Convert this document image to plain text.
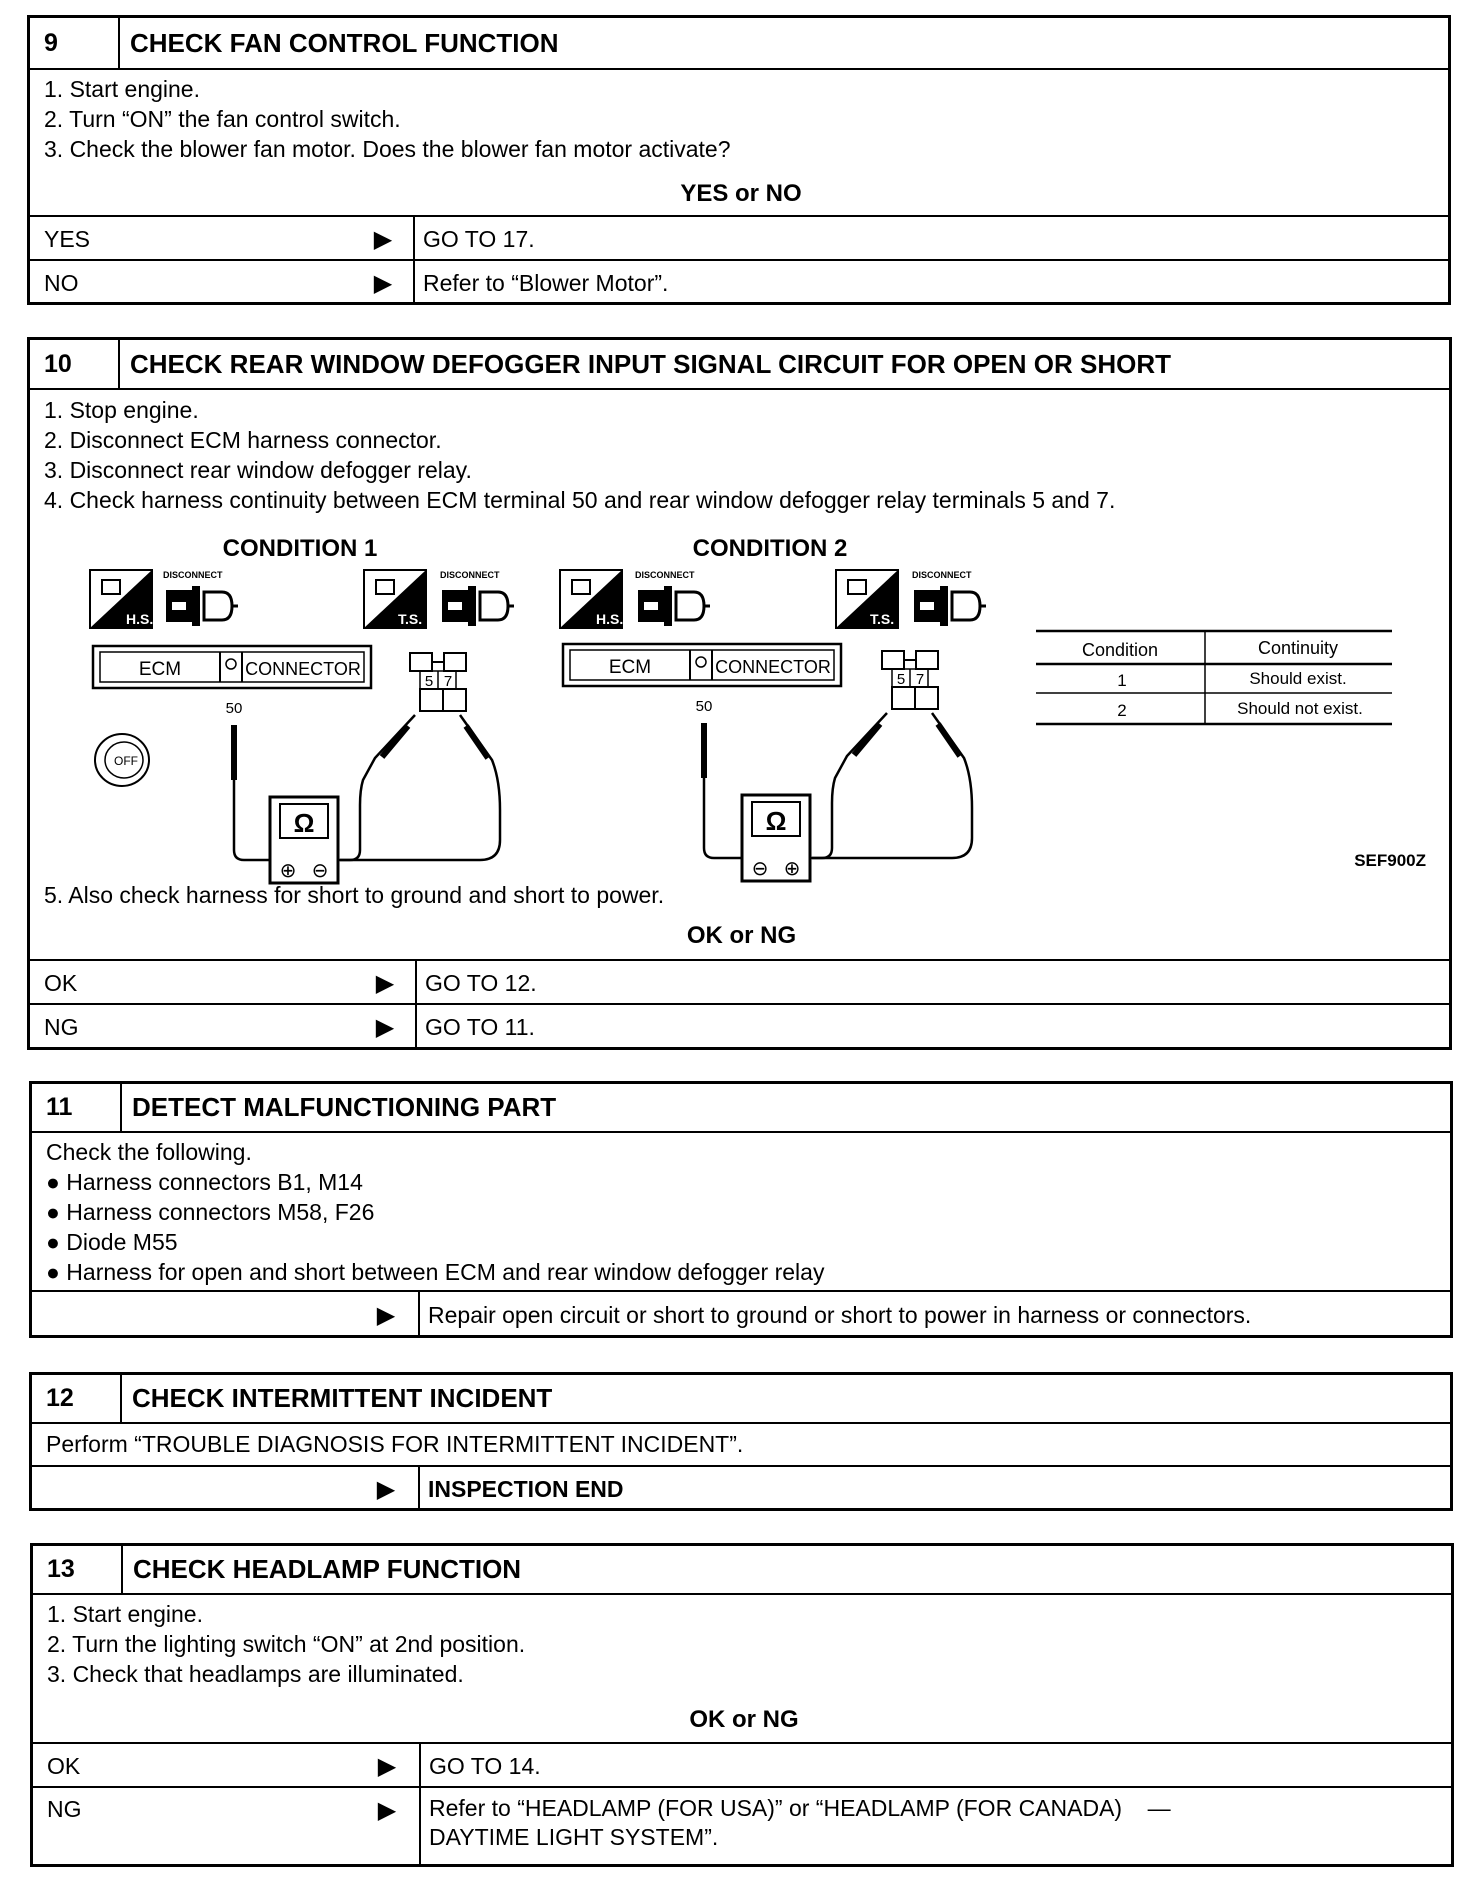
9	CHECK FAN CONTROL FUNCTION
1. Start engine.
2. Turn “ON” the fan control switch.
3. Check the blower fan motor. Does the blower fan motor activate?
YES or NO
YES	▶	GO TO 17.
NO	▶	Refer to “Blower Motor”.
10	CHECK REAR WINDOW DEFOGGER INPUT SIGNAL CIRCUIT FOR OPEN OR SHORT
1. Stop engine.
2. Disconnect ECM harness connector.
3. Disconnect rear window defogger relay.
4. Check harness continuity between ECM terminal 50 and rear window defogger relay terminals 5 and 7.
CONDITION 1
H.S.
DISCONNECT
T.S.
DISCONNECT
ECM	CONNECTOR
50
5 7
OFF
Ω
⊕ ⊖
CONDITION 2
H.S.
DISCONNECT
T.S.
DISCONNECT
ECM	CONNECTOR
50
5 7
Ω
⊖ ⊕
Condition	Continuity
1	Should exist.
2	Should not exist.
SEF900Z
5. Also check harness for short to ground and short to power.
OK or NG
OK	▶	GO TO 12.
NG	▶	GO TO 11.
11	DETECT MALFUNCTIONING PART
Check the following.
● Harness connectors B1, M14
● Harness connectors M58, F26
● Diode M55
● Harness for open and short between ECM and rear window defogger relay
▶	Repair open circuit or short to ground or short to power in harness or connectors.
12	CHECK INTERMITTENT INCIDENT
Perform “TROUBLE DIAGNOSIS FOR INTERMITTENT INCIDENT”.
▶	INSPECTION END
13	CHECK HEADLAMP FUNCTION
1. Start engine.
2. Turn the lighting switch “ON” at 2nd position.
3. Check that headlamps are illuminated.
OK or NG
OK	▶	GO TO 14.
NG	▶ Refer to “HEADLAMP (FOR USA)” or “HEADLAMP (FOR CANADA)    —
DAYTIME LIGHT SYSTEM”.
